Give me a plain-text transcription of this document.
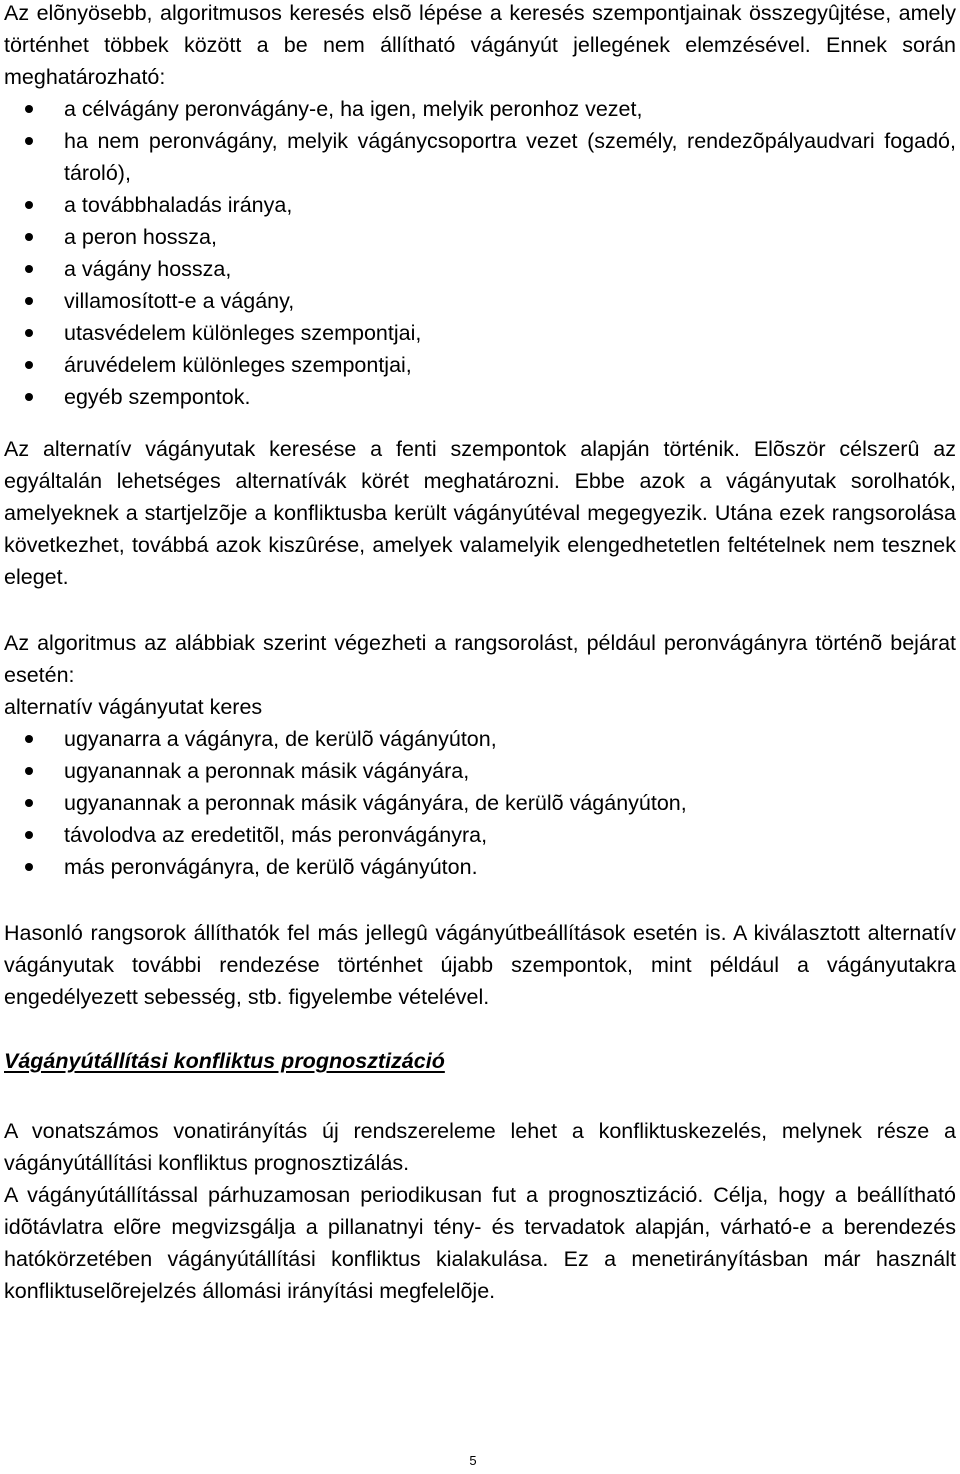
Az elõnyösebb, algoritmusos keresés elsõ lépése a keresés szempontjainak összegyûjtése, amely történhet többek között a be nem állítható vágányút jellegének elemzésével. Ennek során meghatározható:

a célvágány peronvágány-e, ha igen, melyik peronhoz vezet,
ha nem peronvágány, melyik vágánycsoportra vezet (személy, rendezõpályaudvari fogadó, tároló),
a továbbhaladás iránya,
a peron hossza,
a vágány hossza,
villamosított-e a vágány,
utasvédelem különleges szempontjai,
áruvédelem különleges szempontjai,
egyéb szempontok.

Az alternatív vágányutak keresése a fenti szempontok alapján történik. Elõször célszerû az egyáltalán lehetséges alternatívák körét meghatározni. Ebbe azok a vágányutak sorolhatók, amelyeknek a startjelzõje a konfliktusba került vágányútéval megegyezik. Utána ezek rangsorolása következhet, továbbá azok kiszûrése, amelyek valamelyik elengedhetetlen feltételnek nem tesznek eleget.

Az algoritmus az alábbiak szerint végezheti a rangsorolást, például peronvágányra történõ bejárat esetén:

alternatív vágányutat keres

ugyanarra a vágányra, de kerülõ vágányúton,
ugyanannak a peronnak másik vágányára,
ugyanannak a peronnak másik vágányára, de kerülõ vágányúton,
távolodva az eredetitõl, más peronvágányra,
más peronvágányra, de kerülõ vágányúton.

Hasonló rangsorok állíthatók fel más jellegû vágányútbeállítások esetén is. A kiválasztott alternatív vágányutak további rendezése történhet újabb szempontok, mint például a vágányutakra engedélyezett sebesség, stb. figyelembe vételével.

Vágányútállítási konfliktus prognosztizáció

A vonatszámos vonatirányítás új rendszereleme lehet a konfliktuskezelés, melynek része a vágányútállítási konfliktus prognosztizálás.

A vágányútállítással párhuzamosan periodikusan fut a prognosztizáció. Célja, hogy a beállítható idõtávlatra elõre megvizsgálja a pillanatnyi tény- és tervadatok alapján, várható-e a berendezés hatókörzetében vágányútállítási konfliktus kialakulása. Ez a menetirányításban már használt konfliktuselõrejelzés állomási irányítási megfelelõje.

5
